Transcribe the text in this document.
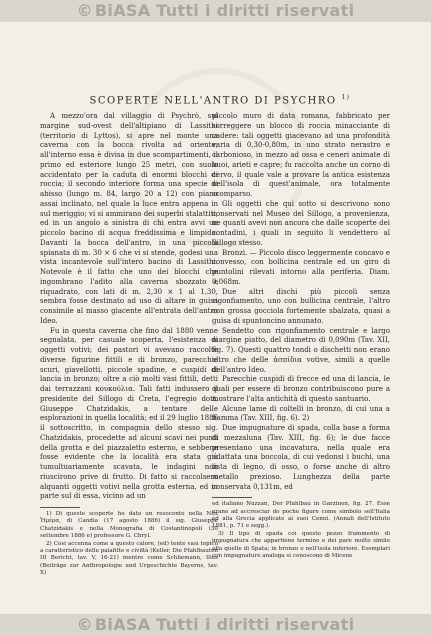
© BiASA Tutti i diritti riservati
SCOPERTE NELL'ANTRO DI PSYCHRO $^{1)}$

A mezzo'ora dal villaggio di Psychrò, sul margine sud-ovest dell'altipiano di Lassithi (territorio di Lyttos), si apre nel monte una caverna con la bocca rivolta ad oriente; all'interno essa è divisa in due scompartimenti, il primo ed esteriore lungo 25 metri, con suolo accidentato per la caduta di enormi blocchi di roccia; il secondo interiore forma una specie di abisso (lungo m. 84, largo 20 a 12) con piano assai inclinato, nel quale la luce entra appena in sul meriggio; vi si ammirano dei superbi stalattiti, ed in un angolo a sinistra di chi entra avvi un piccolo bacino di acqua freddissima e limpida. Davanti la bocca dell'antro, in una piccola spianata di m. 30 × 6 che vi si stende, godesi una vista incantevole sull'intero bacino di Lassithi. Notevole è il fatto che uno dei blocchi che ingombrano l'adito alla caverna sbozzato e riquadrato, con lati di m. 2,30 × 1 al 1,30, sembra fosse destinato ad uso di altare in guisa consimile al masso giacente all'entrata dell'antro Ideo.

Fu in questa caverna che fino dal 1880 venne segnalata, per casuale scoperta, l'esistenza di oggetti votivi; dei pastori vi avevano raccolte diverse figurine fittili e di bronzo, parecchie scuri, giavellotti, piccole spadine, e cuspidi di lancia in bronzo; oltre a ciò molti vasi fittili, detti dai terrazzani κουκούλια. Tali fatti indussero il presidente del Sillogo di Creta, l'egregio dott. Giuseppe Chatzidakis, a tentare delle esplorazioni in quella località; ed il 29 luglio 1886 il sottoscritto, in compagnia dello stesso sig. Chatzidakis, procedette ad alcuni scavi nei punti della grotta e del piazzaletto esterno, e sebbene fosse evidente che la località era stata già tumultuariamente scavata, le indagini non riuscirono prive di frutto. Di fatto si raccolsero alquanti oggetti votivi nella grotta esterna, ed in parte sul di essa, vicino ad un

1) Di queste scoperte ho dato un resoconto nella Νέα Ἡμέρα, di Candia (17 agosto 1886) il sig. Giuseppe Chatzidakis e nella Monografia di Costantinopoli (30 settembre 1886 e) professore G. Chryl.

2) Cosi accenna come a questo calore, (ed) tente vasi topico a caratteristico delle palafitte e civiltà (Keller, Die Pfahlbauten III Bericht, tav. V, 16-21) mentre come Schliemann, Ilios (Beiträge zur Anthropologie und Urgeschichte Bayerns, tav. X)

piccolo muro di data romana, fabbricato per sorreggere un blocco di roccia minacciante di cadere: tali oggetti giacevano ad una profondità varia di 0,30-0,80m, in uno strato nerastro e carbonioso, in mezzo ad ossa e ceneri animate di buoi, arieti e capre; fu raccolta anche un corno di cervo, il quale vale a provare la antica esistenza nell'isola di quest'animale, ora totalmente scomparso.

Gli oggetti che qui sotto si descrivono sono conservati nel Museo del Sillogo, a provenienza, ne quanti avevi non ancora che dalle scoperte dei contadini, i quali in seguito li vendettero al Sillogo stesso.

Bronzi. — Piccolo disco leggermente concavo e convesso, con bollicina centrale ed un giro di puntolini rilevati intorno alla periferia. Diam. 0,068m.

Due altri dischi più piccoli senza rigonfiamento, uno con bullicina centrale, l'altro con grossa gocciola fortemente sbalzata, quasi a guisa di spuntoncino annunato.

Sendetto con rigonfiamento centrale e largo margine piatto, del diametro di 0,090m (Tav. XII, fig. 7). Questi quattro tondi o dischetti non erano altro che delle ἀσπίδια votive, simili a quelle dell'antro Ideo.

Parecchie cuspidi di frecce ed una di lancia, le quali per essere di bronzo contribuiscono pure a mostrare l'alta antichità di questo santuario.

Alcune lame di coltelli in bronzo, di cui una a fiamma (Tav. XIII, fig. 6). 2)

Due impugnature di spada, colla base a forma di mezzaluna (Tav. XIII, fig. 6); le due facce presentano una incavatura, nella quale era adattata una boccola, di cui vedonsi i buchi, una lista di legno, di osso, o forse anche di altro metallo prezioso. Lunghezza della parte conservata 0,131m, ed

ed italiano Nuzzan, Der Pfahlbau in Garzinen, fig. 27. Esse erano ad accresciar do poche figure come simbolo sell'Italia ed alla Grecia applicate ai suoi Cenni. (Annali dell'Istituto 1881, p. 71 e segg.).

3) Il tipo di spada coi questo pezzo frammento di impugnatura che appartiene termine e dei pare molto simile alla quelle di Spata; in bronzo e nell'isola inferiore. Esemplari con impugnature analoga si conoscono di Micene

© BiASA Tutti i diritti riservati
